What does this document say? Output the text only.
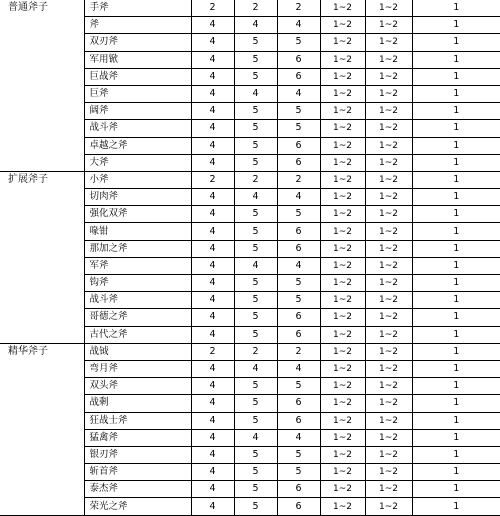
普通斧子	手斧	2	2	2	1~2	1~2	1
	斧	4	4	4	1~2	1~2	1
	双刃斧	4	5	5	1~2	1~2	1
	军用锨	4	5	6	1~2	1~2	1
	巨战斧	4	5	6	1~2	1~2	1
	巨斧	4	4	4	1~2	1~2	1
	阔斧	4	5	5	1~2	1~2	1
	战斗斧	4	5	5	1~2	1~2	1
	卓越之斧	4	5	6	1~2	1~2	1
	大斧	4	5	6	1~2	1~2	1
扩展斧子	小斧	2	2	2	1~2	1~2	1
	切肉斧	4	4	4	1~2	1~2	1
	强化双斧	4	5	5	1~2	1~2	1
	喙钳	4	5	6	1~2	1~2	1
	那加之斧	4	5	6	1~2	1~2	1
	军斧	4	4	4	1~2	1~2	1
	钩斧	4	5	5	1~2	1~2	1
	战斗斧	4	5	5	1~2	1~2	1
	哥德之斧	4	5	6	1~2	1~2	1
	古代之斧	4	5	6	1~2	1~2	1
精华斧子	战钺	2	2	2	1~2	1~2	1
	弯月斧	4	4	4	1~2	1~2	1
	双头斧	4	5	5	1~2	1~2	1
	战剩	4	5	6	1~2	1~2	1
	狂战士斧	4	5	6	1~2	1~2	1
	猛禽斧	4	4	4	1~2	1~2	1
	银刃斧	4	5	5	1~2	1~2	1
	斩首斧	4	5	5	1~2	1~2	1
	泰杰斧	4	5	6	1~2	1~2	1
	荣光之斧	4	5	6	1~2	1~2	1
